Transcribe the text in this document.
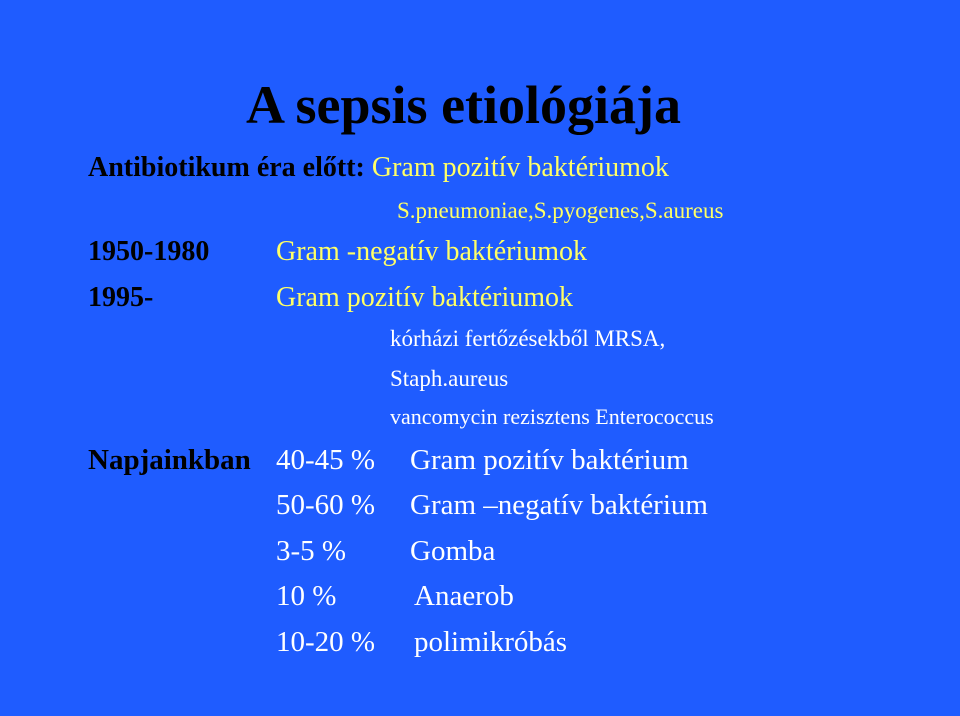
A sepsis etiológiája
Antibiotikum éra előtt: Gram pozitív baktériumok
S.pneumoniae,S.pyogenes,S.aureus
1950-1980 Gram -negatív baktériumok
1995-	Gram pozitív baktériumok
kórházi fertőzésekből MRSA,
Staph.aureus
vancomycin rezisztens Enterococcus
Napjainkban 40-45 % Gram pozitív baktérium
50-60 % Gram –negatív baktérium
3-5 % Gomba
10 %	Anaerob
10-20 % polimikróbás
